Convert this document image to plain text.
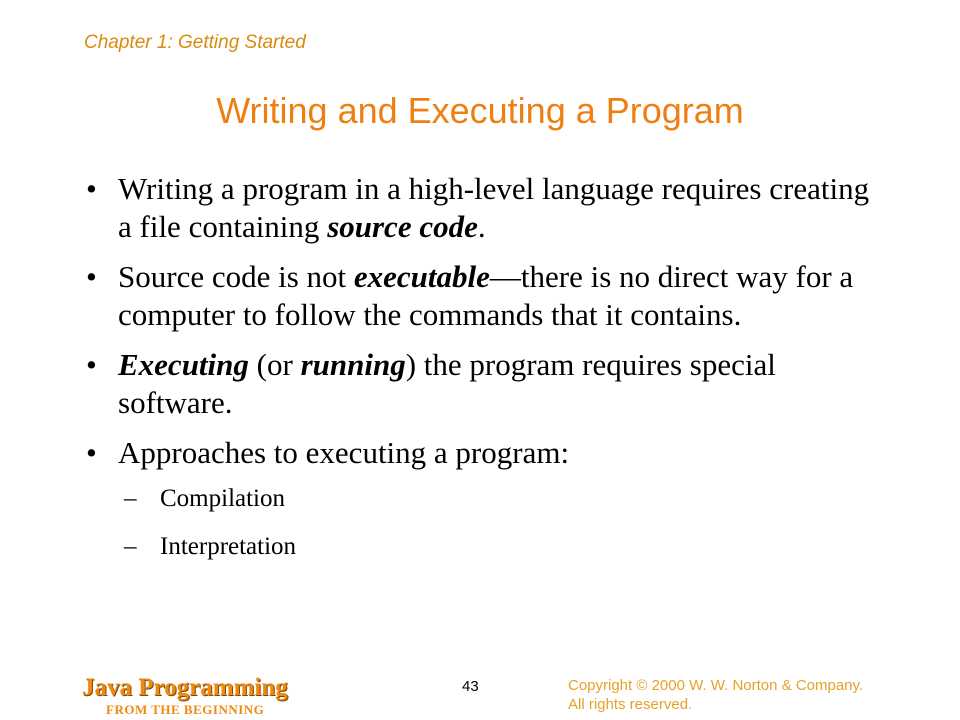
Chapter 1: Getting Started
Writing and Executing a Program
• Writing a program in a high-level language requires creating a file containing source code.
• Source code is not executable—there is no direct way for a computer to follow the commands that it contains.
• Executing (or running) the program requires special software.
• Approaches to executing a program:
– Compilation
– Interpretation
Java Programming
FROM THE BEGINNING
43	Copyright © 2000 W. W. Norton & Company.
All rights reserved.
